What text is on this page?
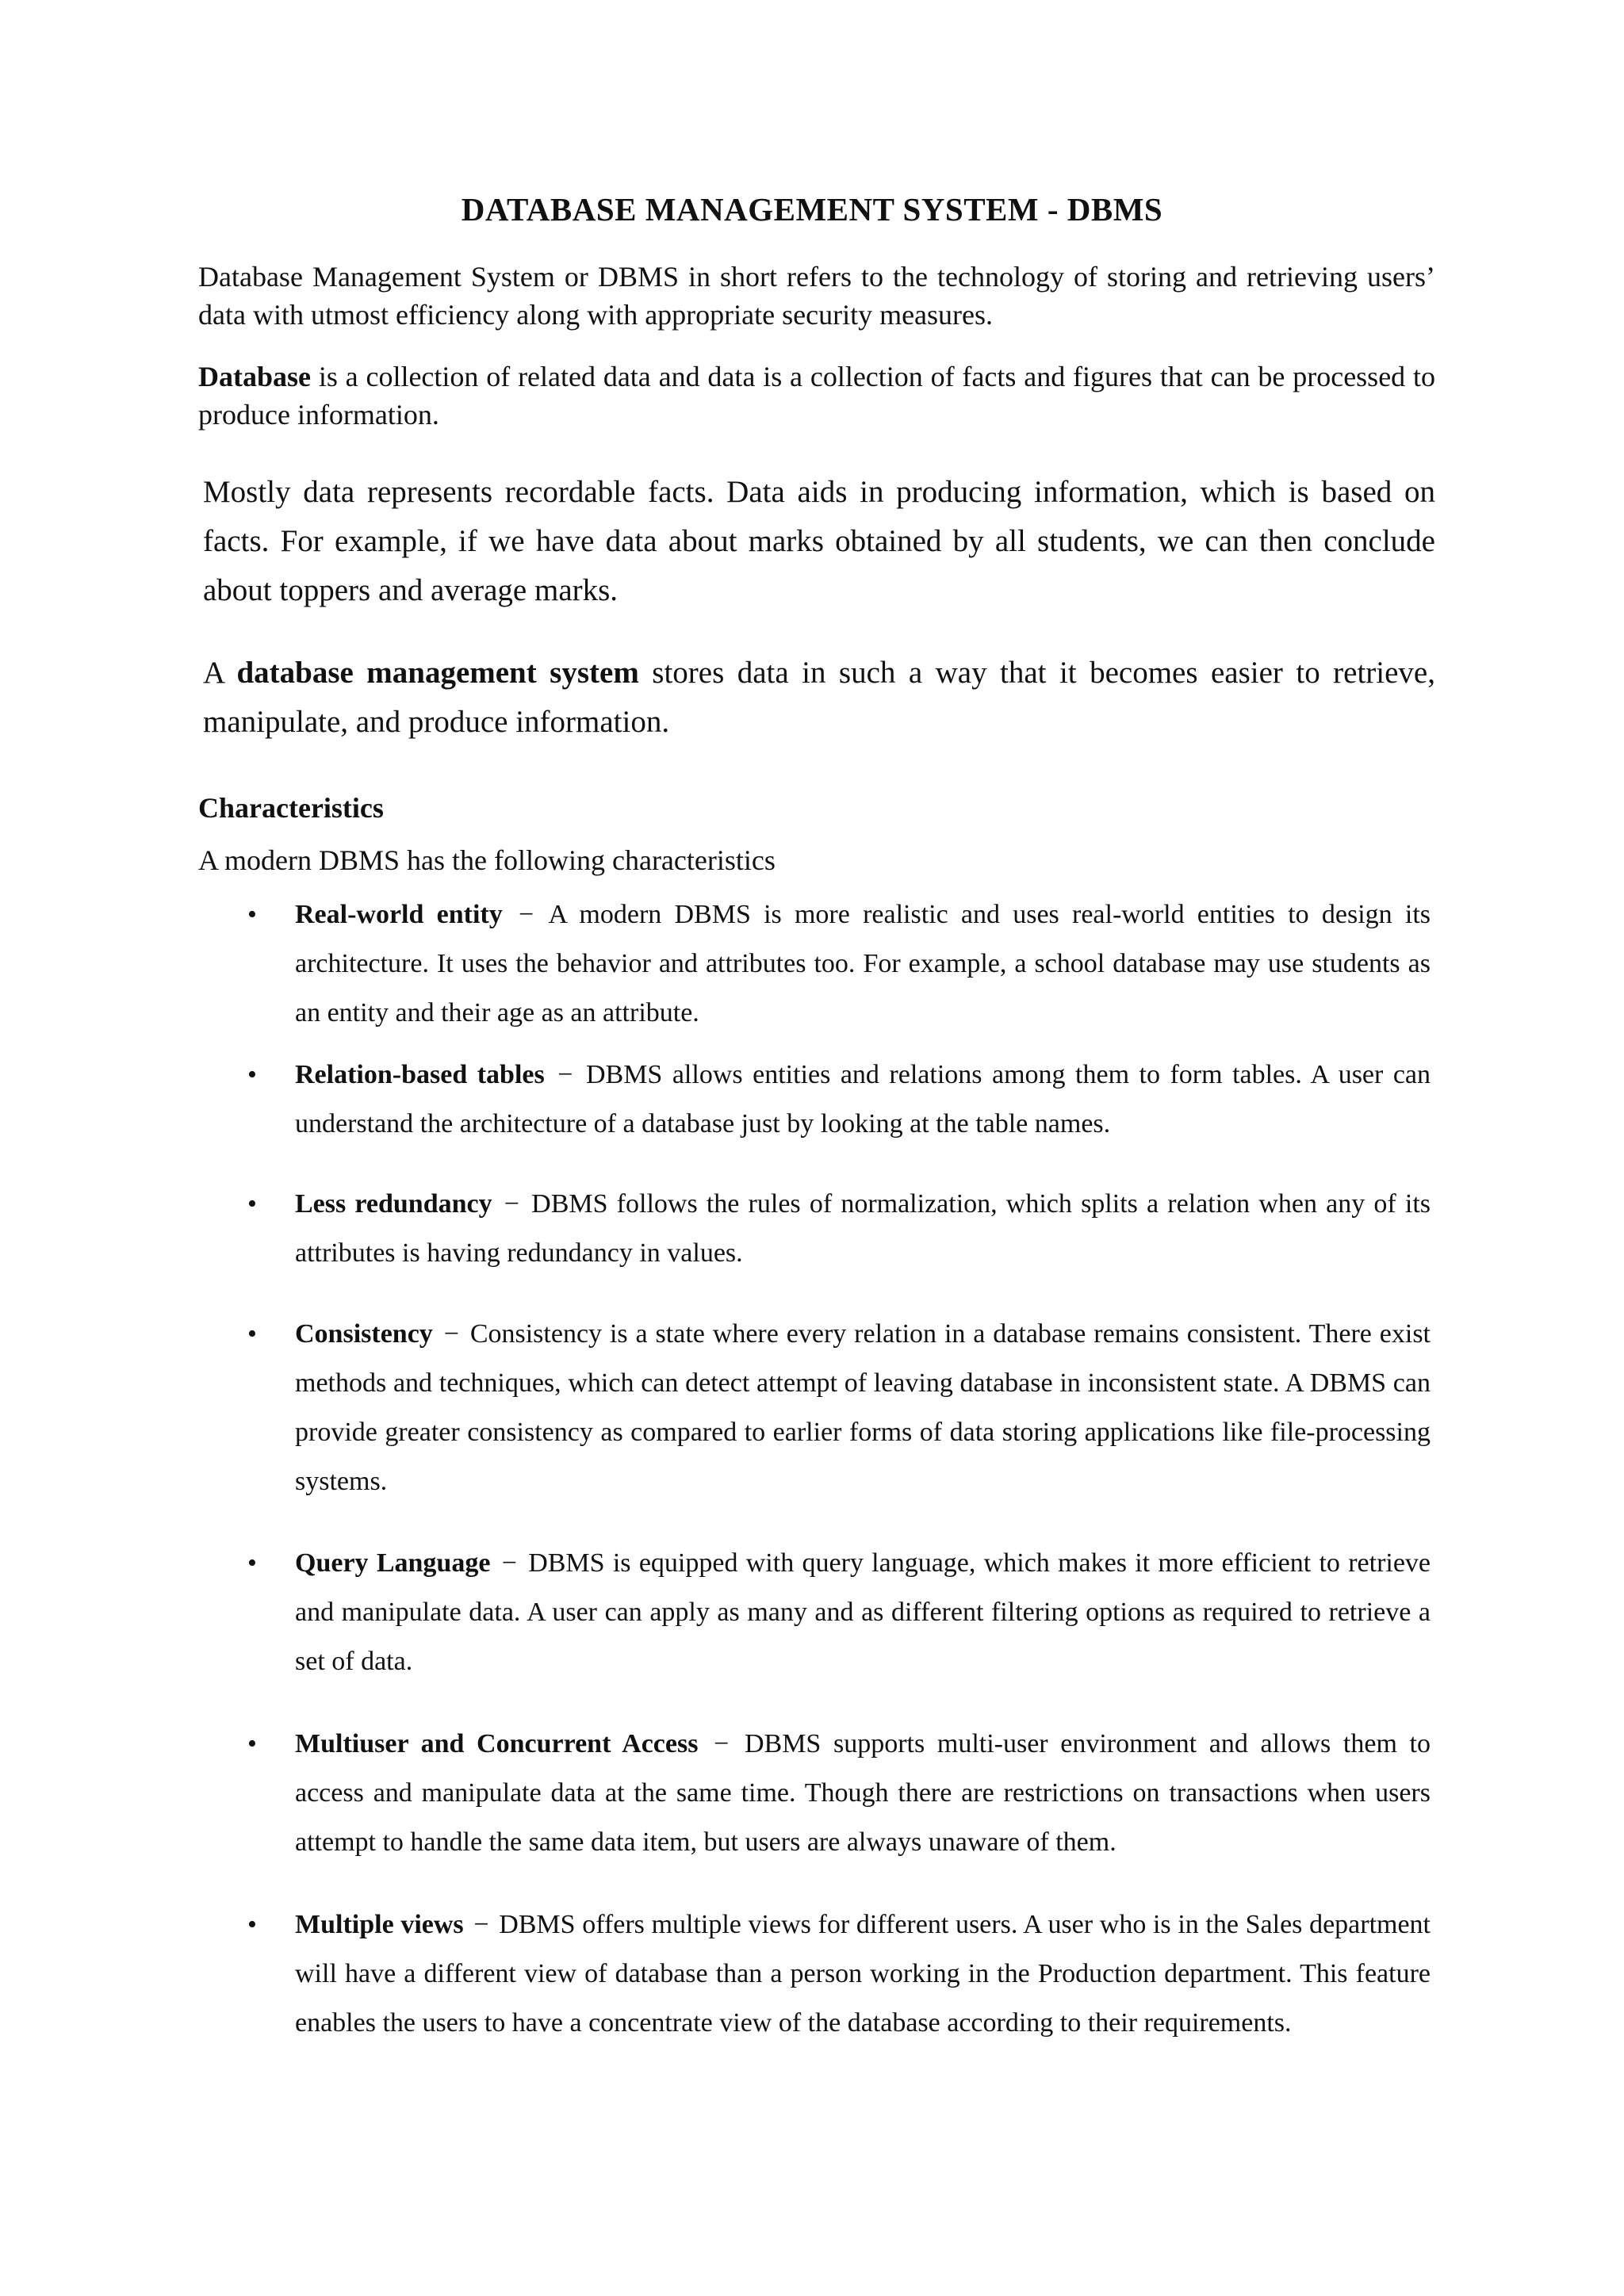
DATABASE MANAGEMENT SYSTEM - DBMS
Database Management System or DBMS in short refers to the technology of storing and retrieving users’ data with utmost efficiency along with appropriate security measures.
Database is a collection of related data and data is a collection of facts and figures that can be processed to produce information.
Mostly data represents recordable facts. Data aids in producing information, which is based on facts. For example, if we have data about marks obtained by all students, we can then conclude about toppers and average marks.
A database management system stores data in such a way that it becomes easier to retrieve, manipulate, and produce information.
Characteristics
A modern DBMS has the following characteristics
• Real-world entity − A modern DBMS is more realistic and uses real-world entities to design its architecture. It uses the behavior and attributes too. For example, a school database may use students as an entity and their age as an attribute.
• Relation-based tables − DBMS allows entities and relations among them to form tables. A user can understand the architecture of a database just by looking at the table names.
• Less redundancy − DBMS follows the rules of normalization, which splits a relation when any of its attributes is having redundancy in values.
• Consistency − Consistency is a state where every relation in a database remains consistent. There exist methods and techniques, which can detect attempt of leaving database in inconsistent state. A DBMS can provide greater consistency as compared to earlier forms of data storing applications like file-processing systems.
• Query Language − DBMS is equipped with query language, which makes it more efficient to retrieve and manipulate data. A user can apply as many and as different filtering options as required to retrieve a set of data.
• Multiuser and Concurrent Access − DBMS supports multi-user environment and allows them to access and manipulate data at the same time. Though there are restrictions on transactions when users attempt to handle the same data item, but users are always unaware of them.
• Multiple views − DBMS offers multiple views for different users. A user who is in the Sales department will have a different view of database than a person working in the Production department. This feature enables the users to have a concentrate view of the database according to their requirements.
